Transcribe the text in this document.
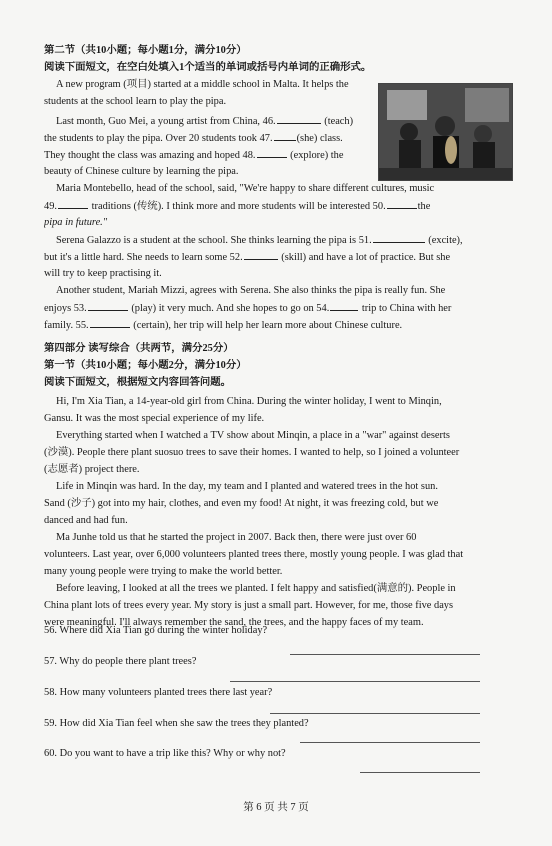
第二节（共10小题；每小题1分，满分10分）
阅读下面短文，在空白处填入1个适当的单词或括号内单词的正确形式。
A new program (项目) started at a middle school in Malta. It helps the
students at the school learn to play the pipa.
Last month, Guo Mei, a young artist from China, 46.	(teach)
the students to play the pipa. Over 20 students took 47. (she) class.
They thought the class was amazing and hoped 48.	(explore) the
beauty of Chinese culture by learning the pipa.
Maria Montebello, head of the school, said, "We're happy to share different cultures, music
49.	traditions (传统). I think more and more students will be interested 50.	the
pipa in future."
Serena Galazzo is a student at the school. She thinks learning the pipa is 51.	(excite),
but it's a little hard. She needs to learn some 52.	(skill) and have a lot of practice. But she
will try to keep practising it.
Another student, Mariah Mizzi, agrees with Serena. She also thinks the pipa is really fun. She
enjoys 53.	(play) it very much. And she hopes to go on 54.	trip to China with her
family. 55.	(certain), her trip will help her learn more about Chinese culture.
第四部分 读写综合（共两节，满分25分）
第一节（共10小题；每小题2分，满分10分）
阅读下面短文，根据短文内容回答问题。
Hi, I'm Xia Tian, a 14-year-old girl from China. During the winter holiday, I went to Minqin,
Gansu. It was the most special experience of my life.
Everything started when I watched a TV show about Minqin, a place in a "war" against deserts
(沙漠). People there plant suosuo trees to save their homes. I wanted to help, so I joined a volunteer
(志愿者) project there.
Life in Minqin was hard. In the day, my team and I planted and watered trees in the hot sun.
Sand (沙子) got into my hair, clothes, and even my food! At night, it was freezing cold, but we
danced and had fun.
Ma Junhe told us that he started the project in 2007. Back then, there were just over 60
volunteers. Last year, over 6,000 volunteers planted trees there, mostly young people. I was glad that
many young people were trying to make the world better.
Before leaving, I looked at all the trees we planted. I felt happy and satisfied(满意的). People in
China plant lots of trees every year. My story is just a small part. However, for me, those five days
were meaningful. I'll always remember the sand, the trees, and the happy faces of my team.
56. Where did Xia Tian go during the winter holiday?
57. Why do people there plant trees?
58. How many volunteers planted trees there last year?
59. How did Xia Tian feel when she saw the trees they planted?
60. Do you want to have a trip like this? Why or why not?
第 6 页 共 7 页
